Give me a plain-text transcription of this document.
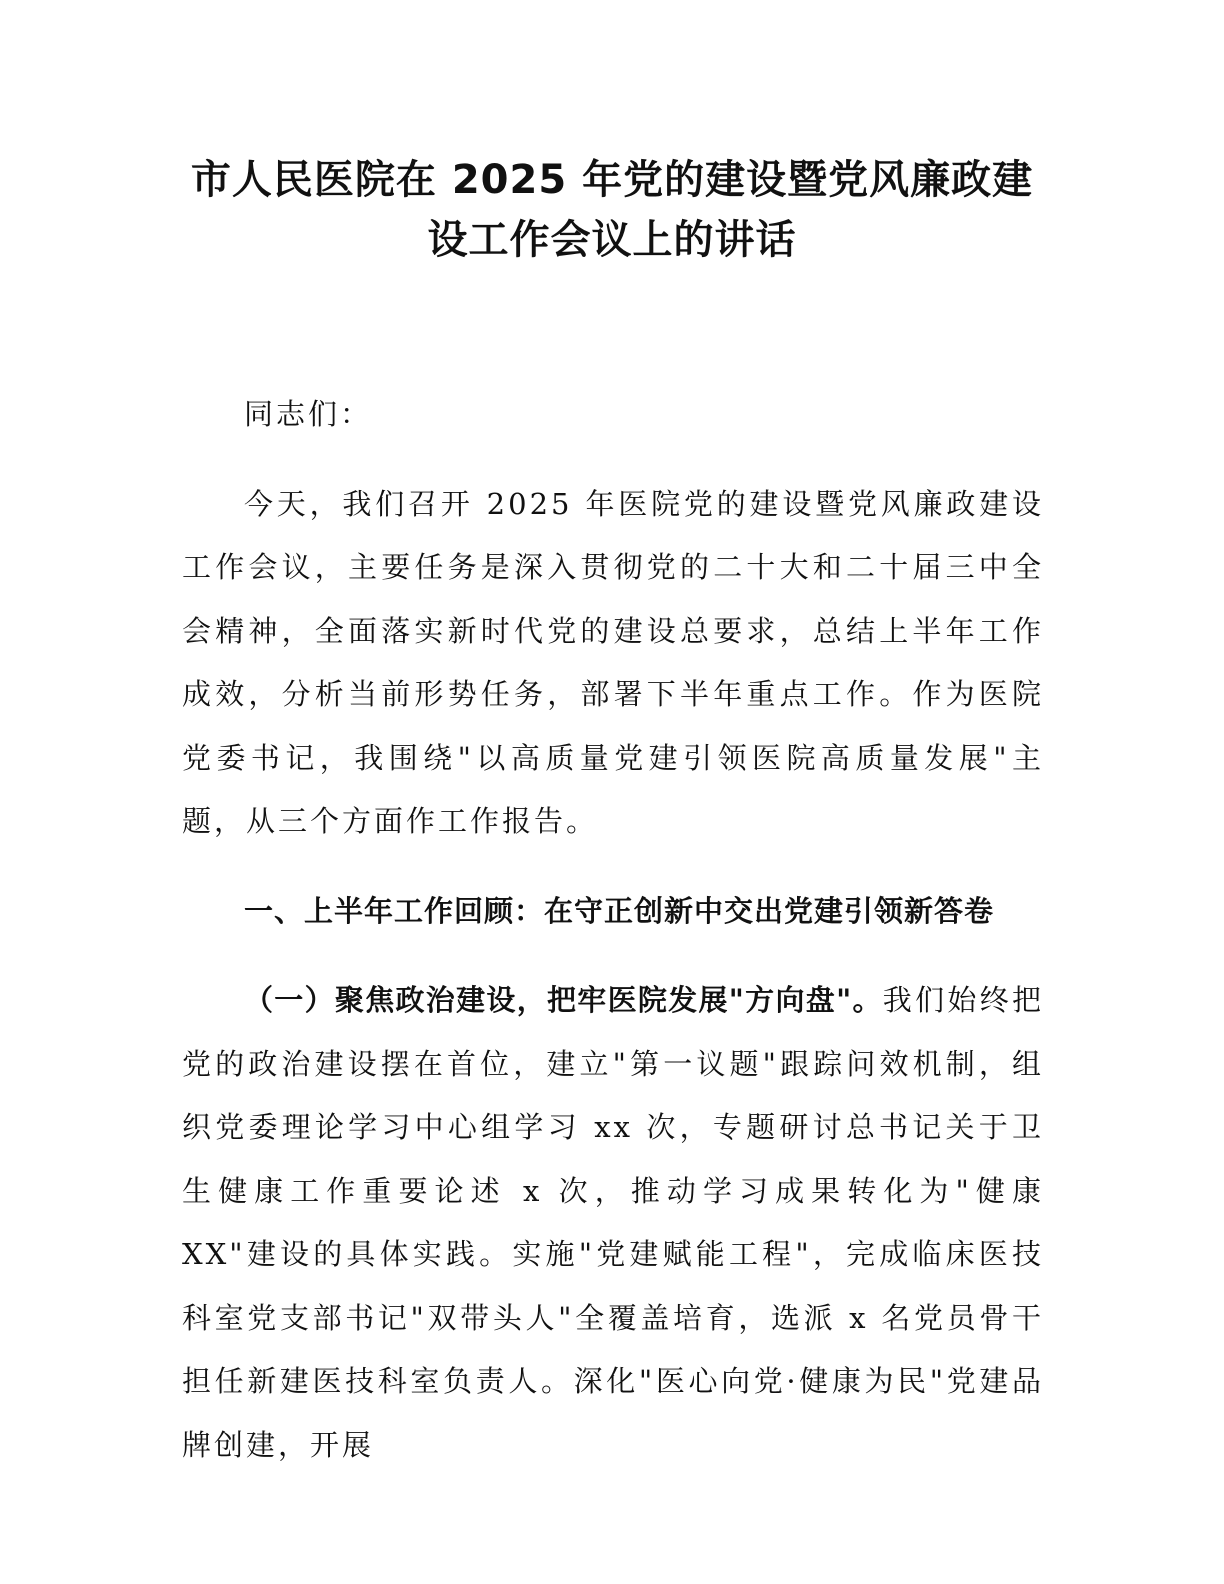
市人民医院在 2025 年党的建设暨党风廉政建
设工作会议上的讲话

同志们：

今天，我们召开 2025 年医院党的建设暨党风廉政建设工作会议，主要任务是深入贯彻党的二十大和二十届三中全会精神，全面落实新时代党的建设总要求，总结上半年工作成效，分析当前形势任务，部署下半年重点工作。作为医院党委书记，我围绕"以高质量党建引领医院高质量发展"主题，从三个方面作工作报告。

一、上半年工作回顾：在守正创新中交出党建引领新答卷

（一）聚焦政治建设，把牢医院发展"方向盘"。我们始终把党的政治建设摆在首位，建立"第一议题"跟踪问效机制，组织党委理论学习中心组学习 xx 次，专题研讨总书记关于卫生健康工作重要论述 x 次，推动学习成果转化为"健康 XX"建设的具体实践。实施"党建赋能工程"，完成临床医技科室党支部书记"双带头人"全覆盖培育，选派 x 名党员骨干担任新建医技科室负责人。深化"医心向党·健康为民"党建品牌创建，开展
